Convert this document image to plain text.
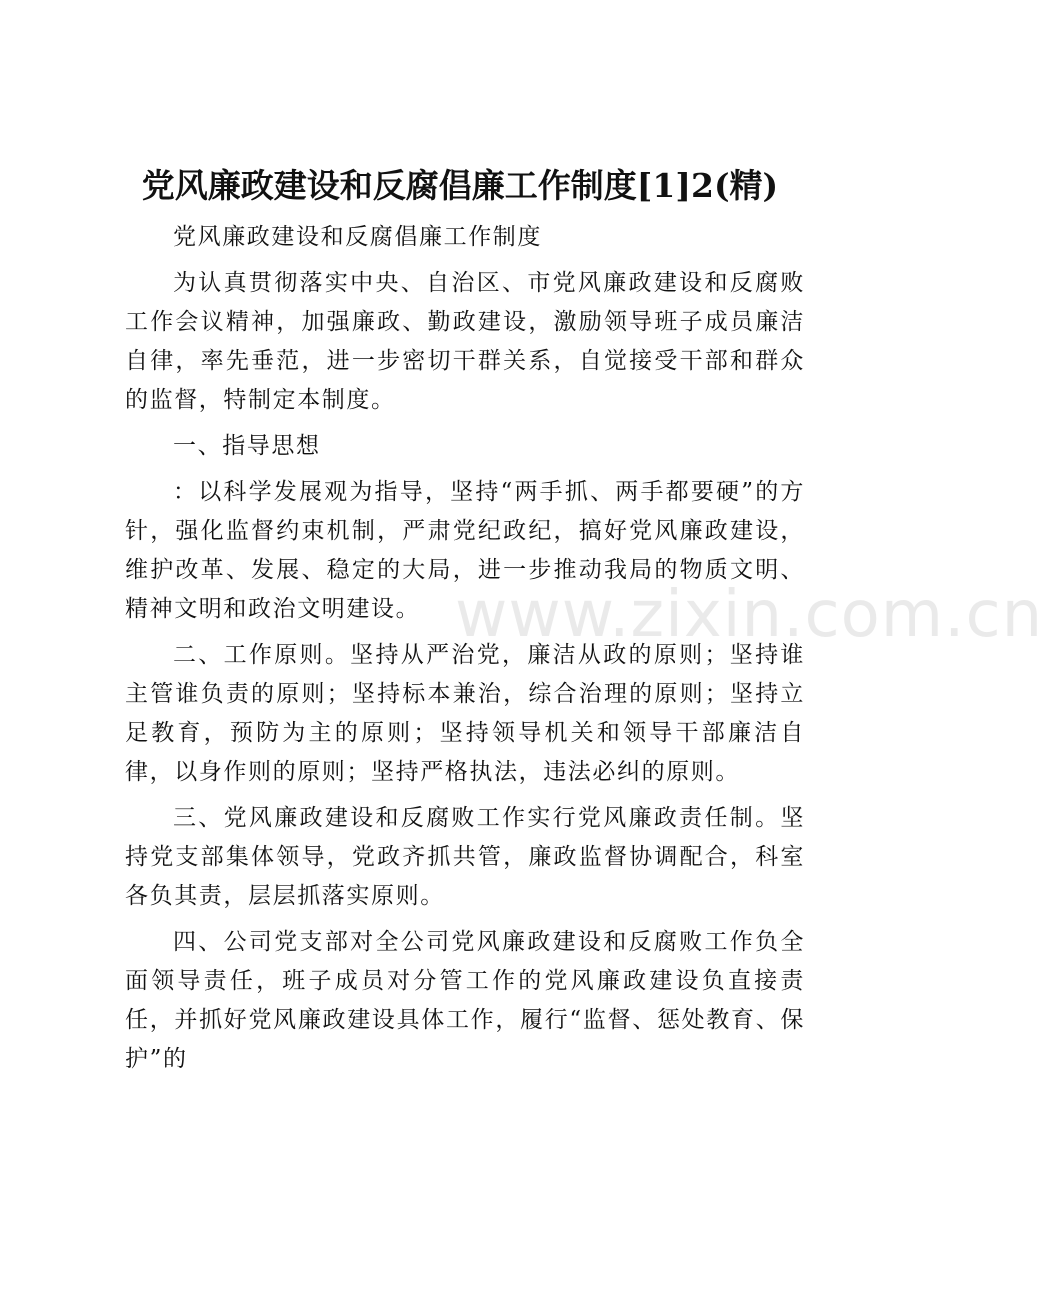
党风廉政建设和反腐倡廉工作制度[1]2(精)

党风廉政建设和反腐倡廉工作制度

为认真贯彻落实中央、自治区、市党风廉政建设和反腐败工作会议精神，加强廉政、勤政建设，激励领导班子成员廉洁自律，率先垂范，进一步密切干群关系，自觉接受干部和群众的监督，特制定本制度。

一、指导思想

：以科学发展观为指导，坚持“两手抓、两手都要硬”的方针，强化监督约束机制，严肃党纪政纪，搞好党风廉政建设，维护改革、发展、稳定的大局，进一步推动我局的物质文明、精神文明和政治文明建设。

二、工作原则。坚持从严治党，廉洁从政的原则；坚持谁主管谁负责的原则；坚持标本兼治，综合治理的原则；坚持立足教育，预防为主的原则；坚持领导机关和领导干部廉洁自律，以身作则的原则；坚持严格执法，违法必纠的原则。

三、党风廉政建设和反腐败工作实行党风廉政责任制。坚持党支部集体领导，党政齐抓共管，廉政监督协调配合，科室各负其责，层层抓落实原则。

四、公司党支部对全公司党风廉政建设和反腐败工作负全面领导责任，班子成员对分管工作的党风廉政建设负直接责任，并抓好党风廉政建设具体工作，履行“监督、惩处教育、保护”的

www.zixin.com.cn
